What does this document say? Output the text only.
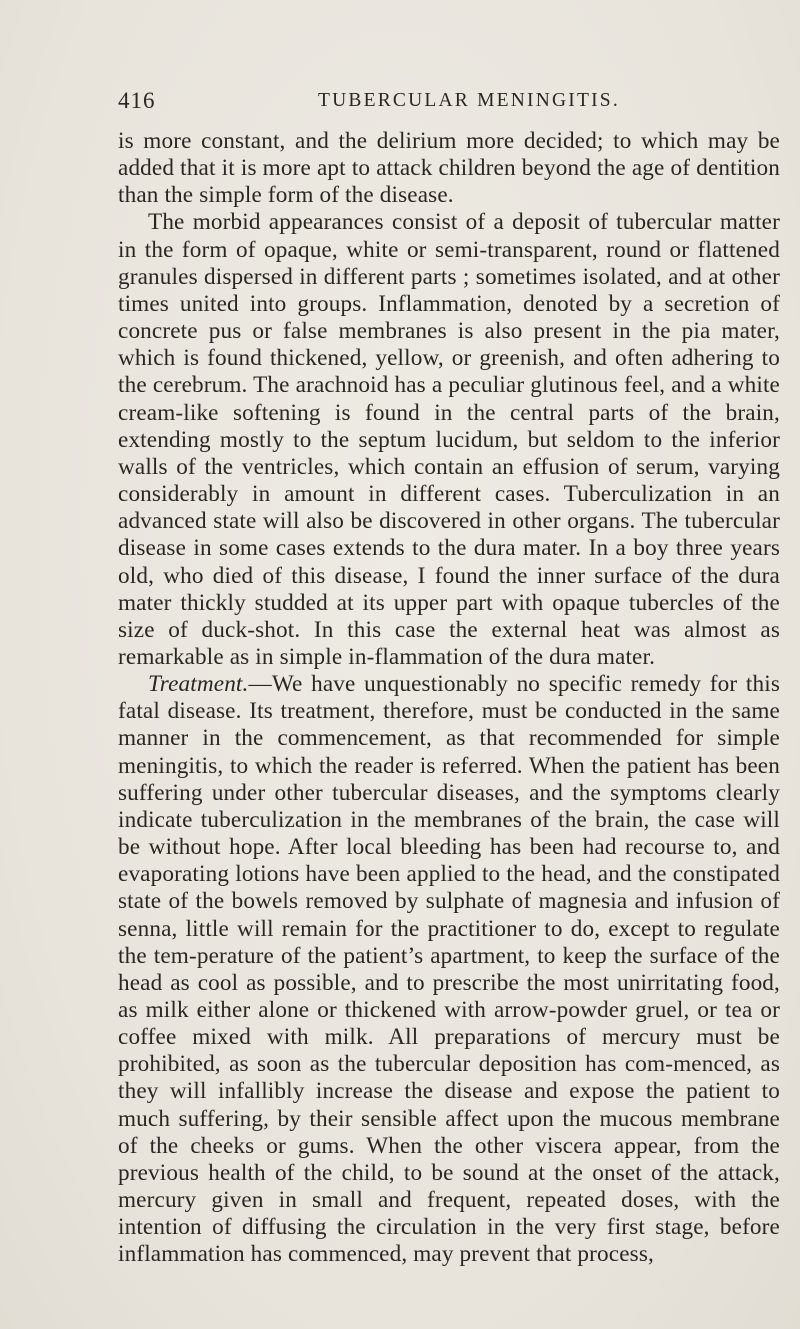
416	TUBERCULAR MENINGITIS.

is more constant, and the delirium more decided; to which may be added that it is more apt to attack children beyond the age of dentition than the simple form of the disease.

The morbid appearances consist of a deposit of tubercular matter in the form of opaque, white or semi-transparent, round or flattened granules dispersed in different parts ; sometimes isolated, and at other times united into groups. Inflammation, denoted by a secretion of concrete pus or false membranes is also present in the pia mater, which is found thickened, yellow, or greenish, and often adhering to the cerebrum. The arachnoid has a peculiar glutinous feel, and a white cream-like softening is found in the central parts of the brain, extending mostly to the septum lucidum, but seldom to the inferior walls of the ventricles, which contain an effusion of serum, varying considerably in amount in different cases. Tuberculization in an advanced state will also be discovered in other organs. The tubercular disease in some cases extends to the dura mater. In a boy three years old, who died of this disease, I found the inner surface of the dura mater thickly studded at its upper part with opaque tubercles of the size of duck-shot. In this case the external heat was almost as remarkable as in simple in-flammation of the dura mater.

Treatment.—We have unquestionably no specific remedy for this fatal disease. Its treatment, therefore, must be conducted in the same manner in the commencement, as that recommended for simple meningitis, to which the reader is referred. When the patient has been suffering under other tubercular diseases, and the symptoms clearly indicate tuberculization in the membranes of the brain, the case will be without hope. After local bleeding has been had recourse to, and evaporating lotions have been applied to the head, and the constipated state of the bowels removed by sulphate of magnesia and infusion of senna, little will remain for the practitioner to do, except to regulate the tem-perature of the patient’s apartment, to keep the surface of the head as cool as possible, and to prescribe the most unirritating food, as milk either alone or thickened with arrow-powder gruel, or tea or coffee mixed with milk. All preparations of mercury must be prohibited, as soon as the tubercular deposition has com-menced, as they will infallibly increase the disease and expose the patient to much suffering, by their sensible affect upon the mucous membrane of the cheeks or gums. When the other viscera appear, from the previous health of the child, to be sound at the onset of the attack, mercury given in small and frequent, repeated doses, with the intention of diffusing the circulation in the very first stage, before inflammation has commenced, may prevent that process,
